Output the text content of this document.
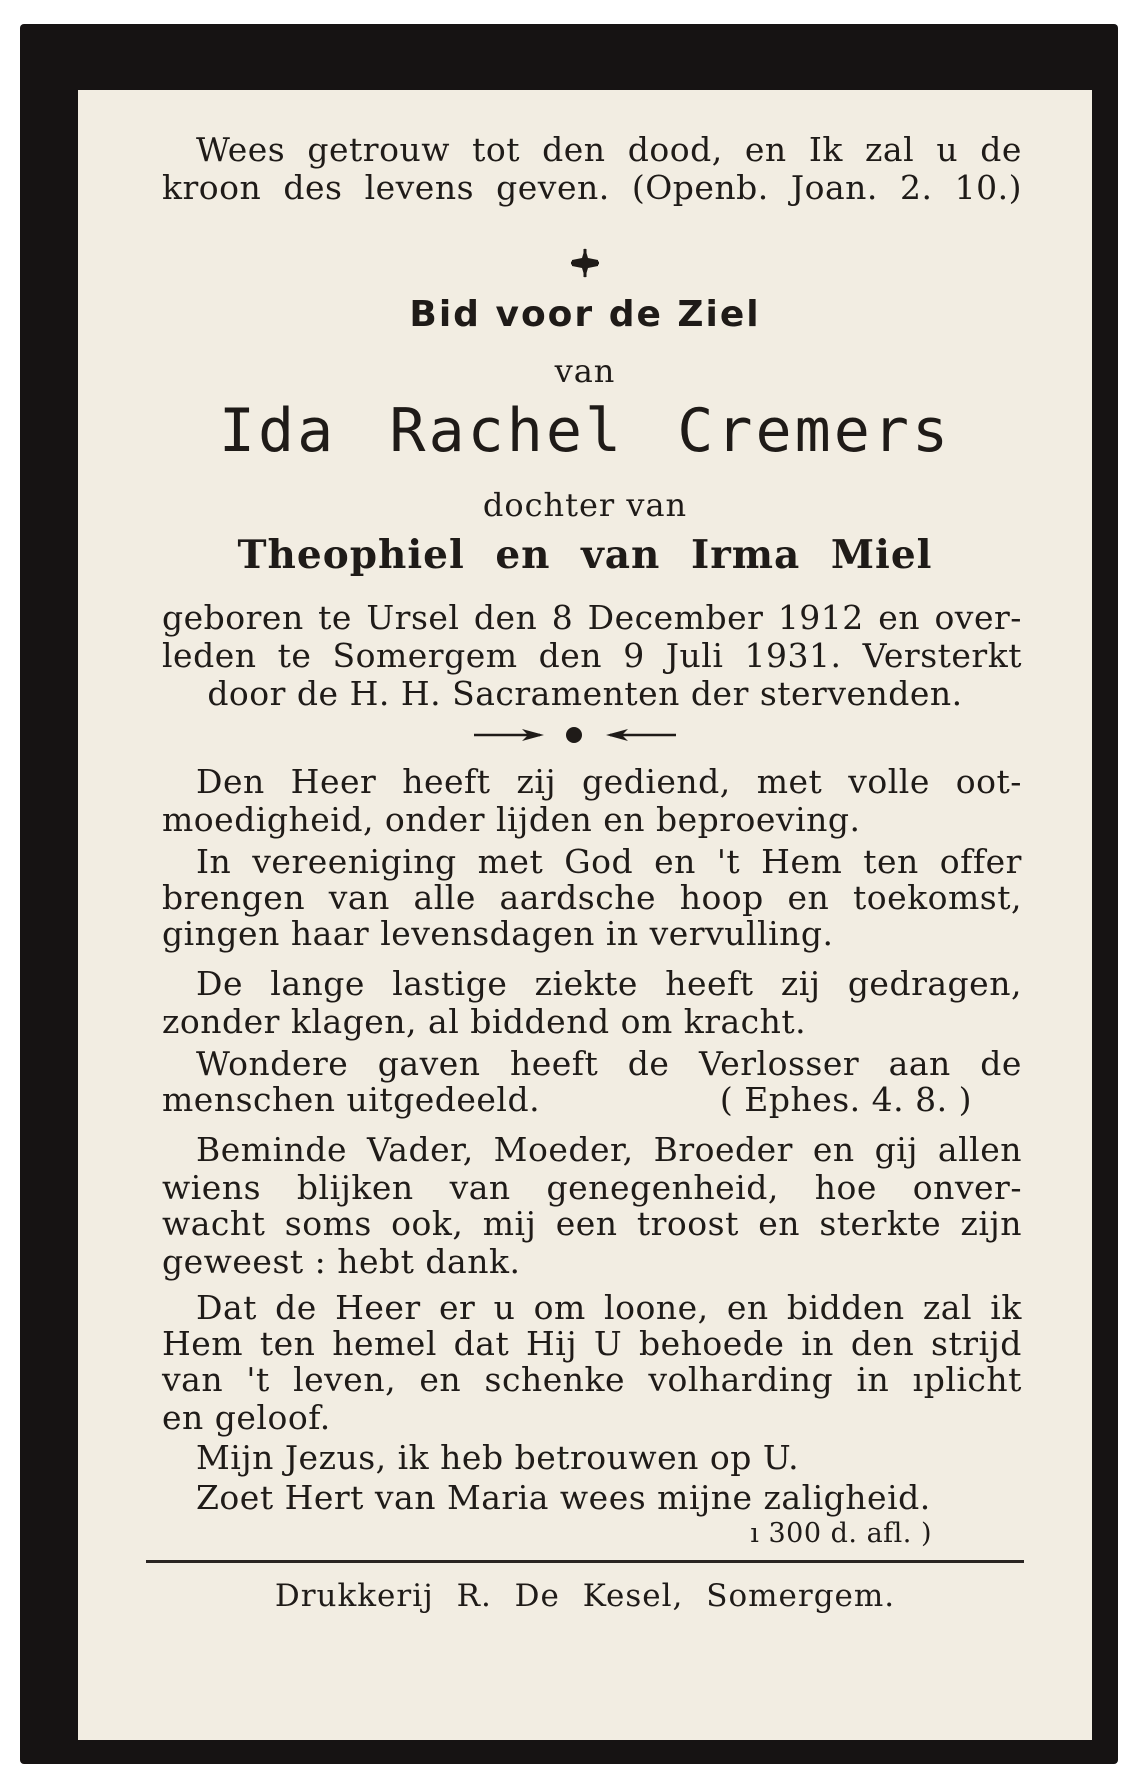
Wees getrouw tot den dood, en Ik zal u de
kroon des levens geven. (Openb. Joan. 2. 10.)
Bid voor de Ziel
van
Ida Rachel Cremers
dochter van
Theophiel en van Irma Miel
geboren te Ursel den 8 December 1912 en over-
leden te Somergem den 9 Juli 1931. Versterkt
door de H. H. Sacramenten der stervenden.
Den Heer heeft zij gediend, met volle oot-
moedigheid, onder lijden en beproeving.
In vereeniging met God en 't Hem ten offer
brengen van alle aardsche hoop en toekomst,
gingen haar levensdagen in vervulling.
De lange lastige ziekte heeft zij gedragen,
zonder klagen, al biddend om kracht.
Wondere gaven heeft de Verlosser aan de
menschen uitgedeeld.	( Ephes. 4. 8. )
Beminde Vader, Moeder, Broeder en gij allen
wiens blijken van genegenheid, hoe onver-
wacht soms ook, mij een troost en sterkte zijn
geweest : hebt dank.
Dat de Heer er u om loone, en bidden zal ik
Hem ten hemel dat Hij U behoede in den strijd
van 't leven, en schenke volharding in ıplicht
en geloof.
Mijn Jezus, ik heb betrouwen op U.
Zoet Hert van Maria wees mijne zaligheid.
ı 300 d. afl. )
Drukkerij R. De Kesel, Somergem.
